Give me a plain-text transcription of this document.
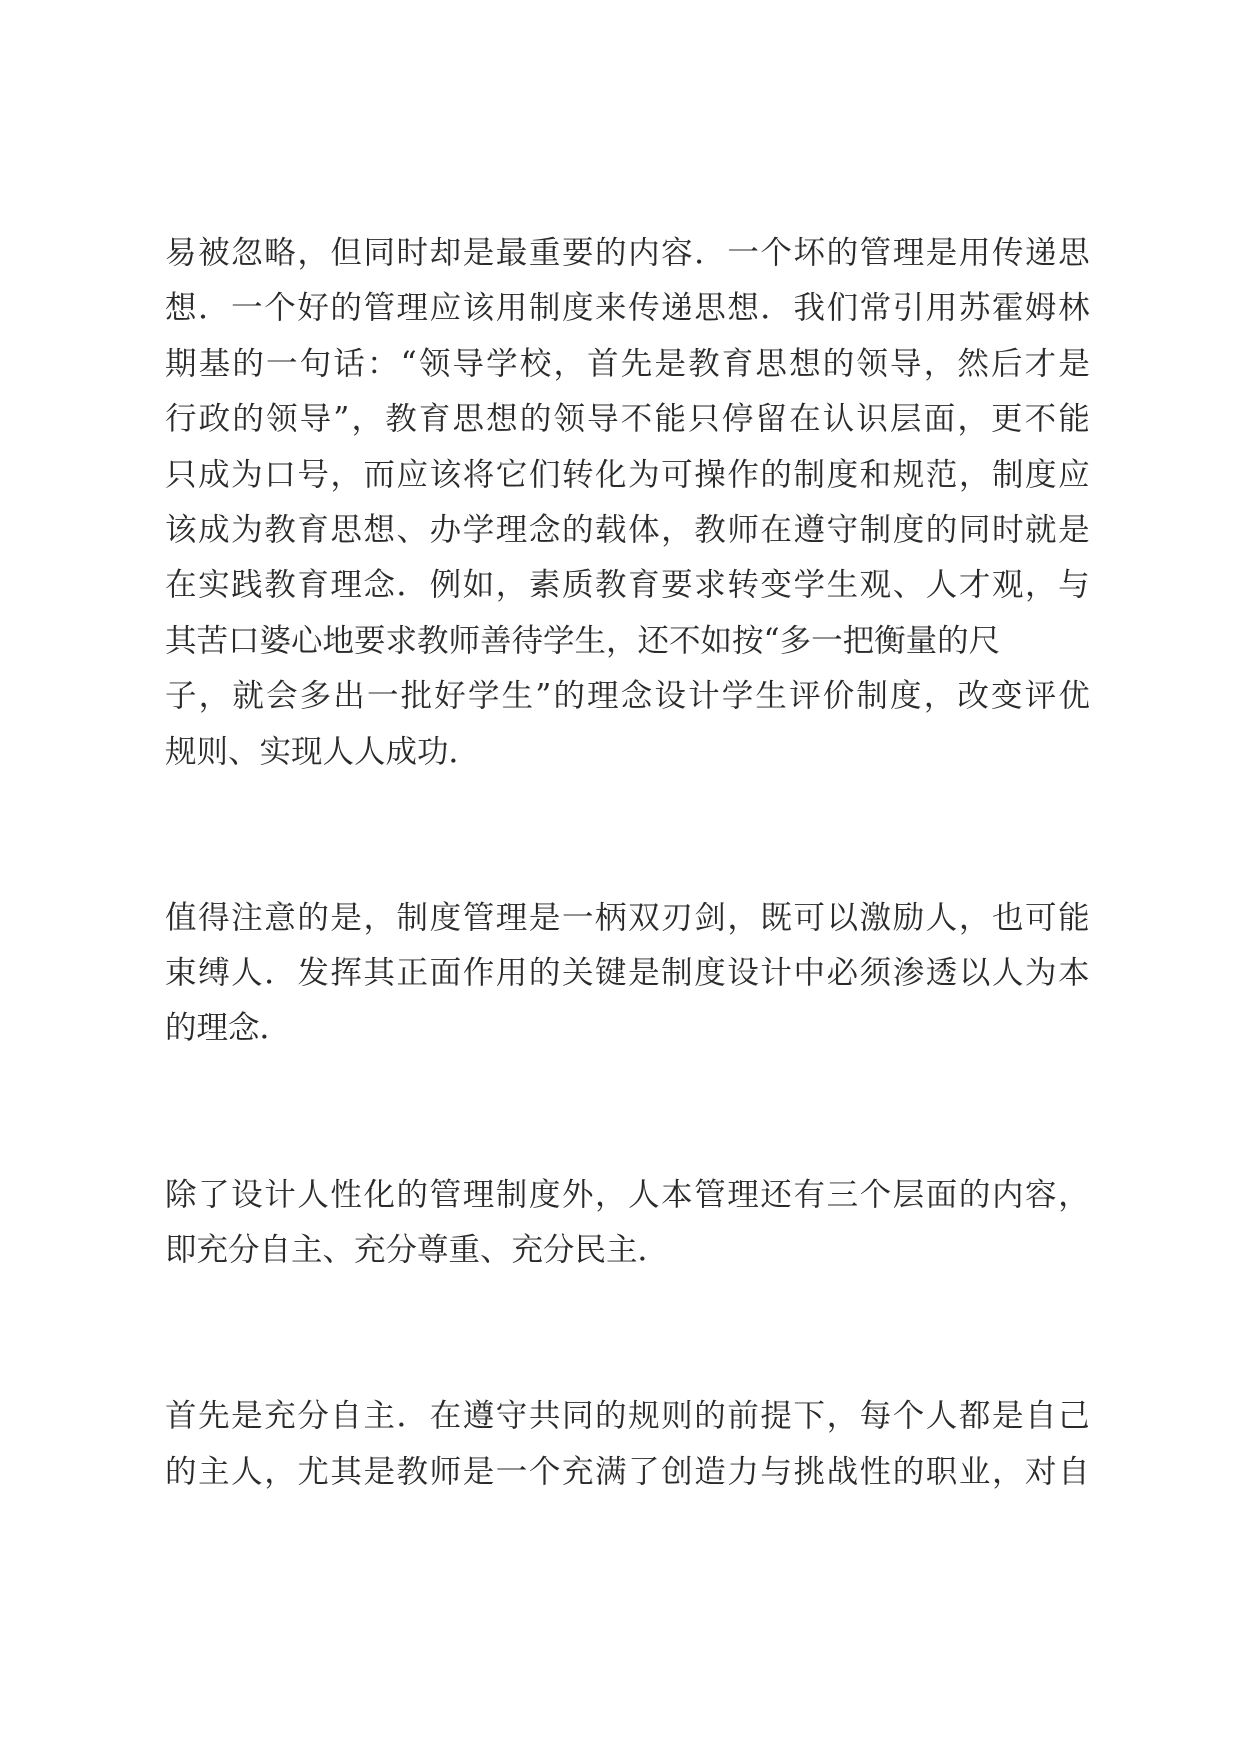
易 被 忽 略 ， 但 同 时 却 是 最 重 要 的 内 容 ． 一 个 坏 的 管 理 是 用 传 递 思
想 ． 一 个 好 的 管 理 应 该 用 制 度 来 传 递 思 想 ． 我 们 常 引 用 苏 霍 姆 林
期 基 的 一 句 话 ： “ 领 导 学 校 ， 首 先 是 教 育 思 想 的 领 导 ， 然 后 才 是
行 政 的 领 导 ” ， 教 育 思 想 的 领 导 不 能 只 停 留 在 认 识 层 面 ， 更 不 能
只 成 为 口 号 ， 而 应 该 将 它 们 转 化 为 可 操 作 的 制 度 和 规 范 ， 制 度 应
该 成 为 教 育 思 想 、 办 学 理 念 的 载 体 ， 教 师 在 遵 守 制 度 的 同 时 就 是
在 实 践 教 育 理 念 ． 例 如 ， 素 质 教 育 要 求 转 变 学 生 观 、 人 才 观 ， 与
其苦口婆心地要求教师善待学生，还不如按“多一把衡量的尺
子 ， 就 会 多 出 一 批 好 学 生 ” 的 理 念 设 计 学 生 评 价 制 度 ， 改 变 评 优
规则、实现人人成功．
值 得 注 意 的 是 ， 制 度 管 理 是 一 柄 双 刃 剑 ， 既 可 以 激 励 人 ， 也 可 能
束 缚 人 ． 发 挥 其 正 面 作 用 的 关 键 是 制 度 设 计 中 必 须 渗 透 以 人 为 本
的理念．
除 了 设 计 人 性 化 的 管 理 制 度 外 ， 人 本 管 理 还 有 三 个 层 面 的 内 容 ，
即充分自主、充分尊重、充分民主．
首 先 是 充 分 自 主 ． 在 遵 守 共 同 的 规 则 的 前 提 下 ， 每 个 人 都 是 自 己
的 主 人 ， 尤 其 是 教 师 是 一 个 充 满 了 创 造 力 与 挑 战 性 的 职 业 ， 对 自
